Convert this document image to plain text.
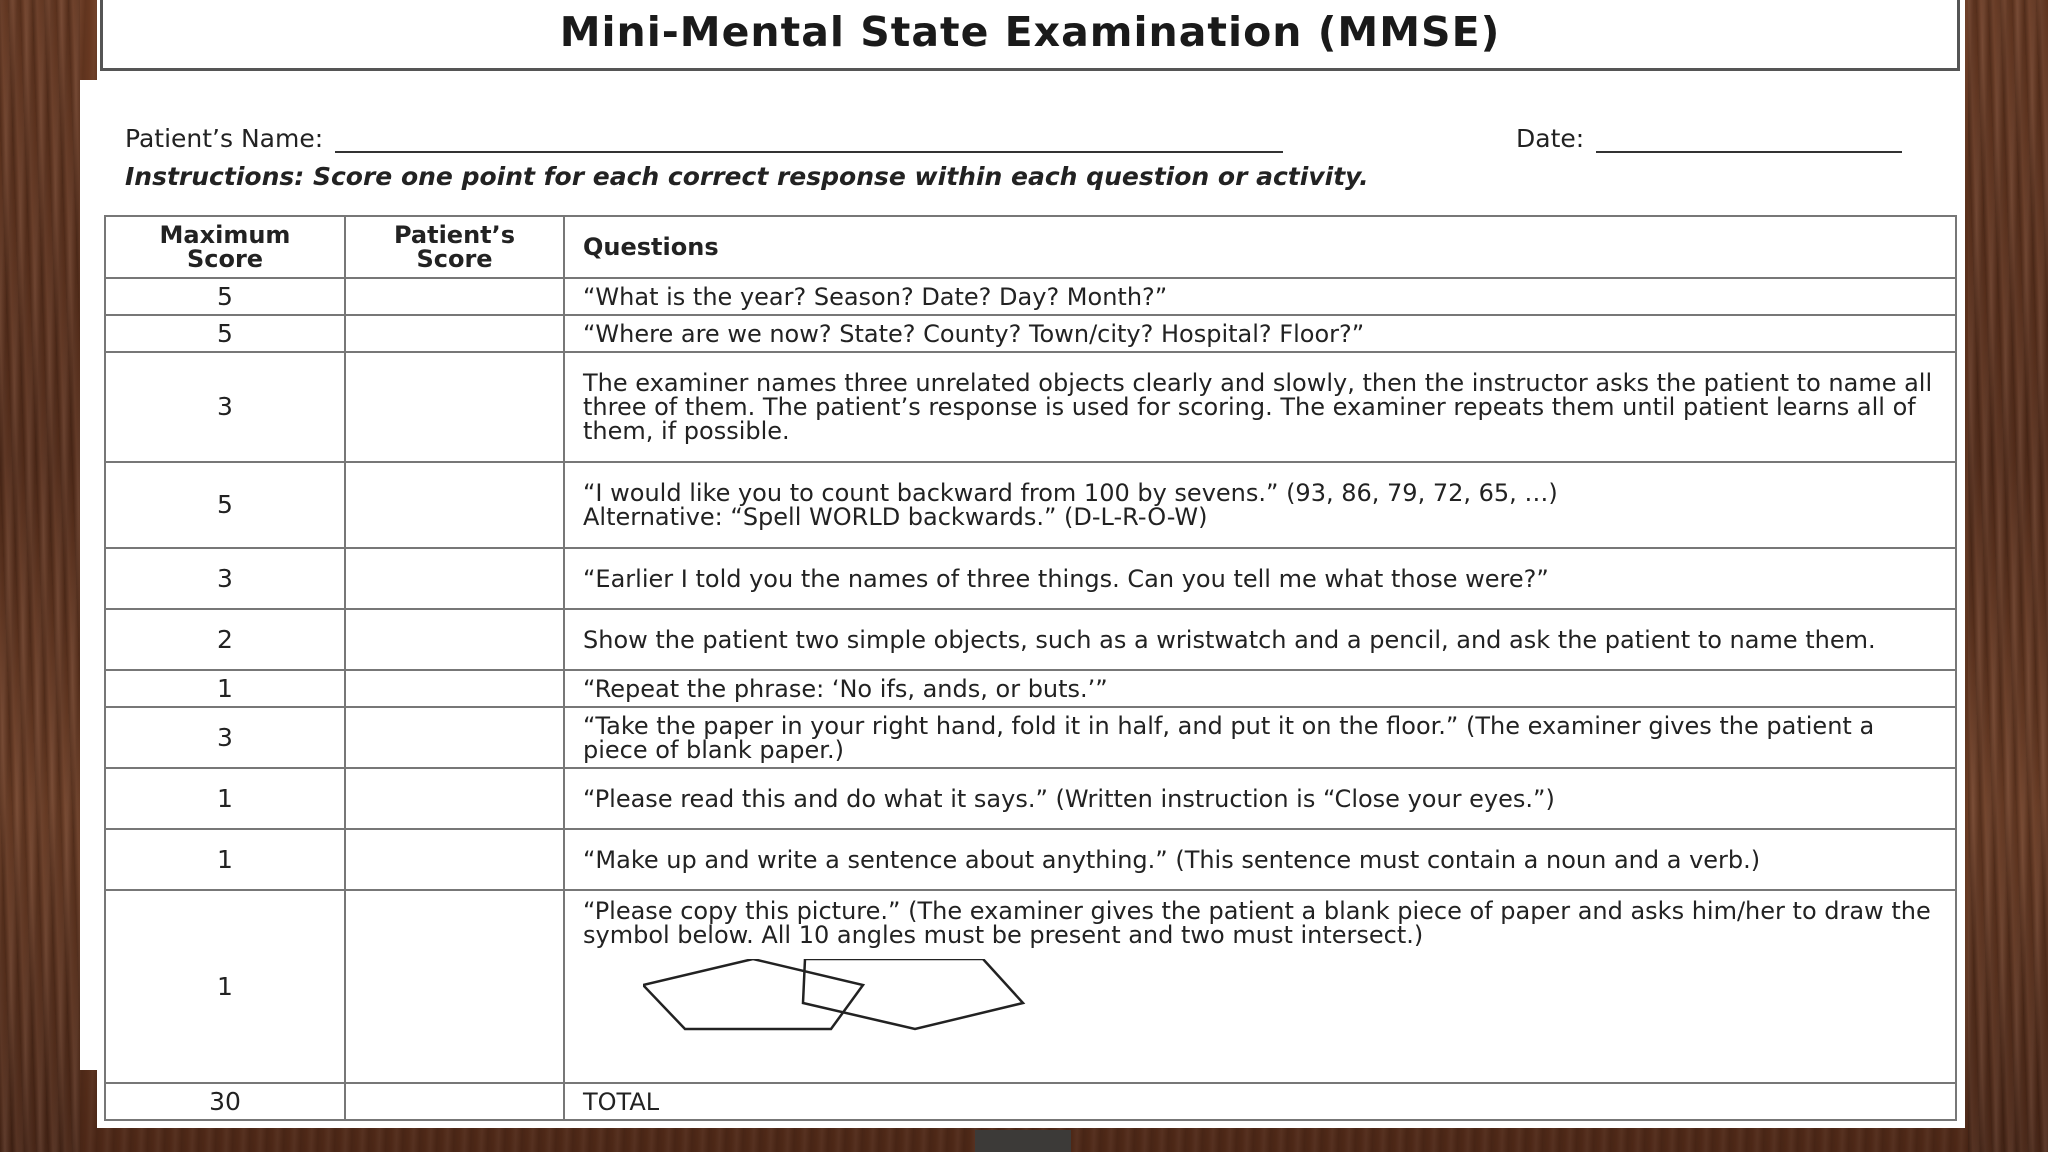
Mini-Mental State Examination (MMSE)
Patient’s Name:	Date:
Instructions: Score one point for each correct response within each question or activity.
Maximum Score	Patient’s Score	Questions
5		“What is the year? Season? Date? Day? Month?”
5		“Where are we now? State? County? Town/city? Hospital? Floor?”
3		The examiner names three unrelated objects clearly and slowly, then the instructor asks the patient to name all three of them. The patient’s response is used for scoring. The examiner repeats them until patient learns all of them, if possible.
5		“I would like you to count backward from 100 by sevens.” (93, 86, 79, 72, 65, …)
Alternative: “Spell WORLD backwards.” (D-L-R-O-W)
3		“Earlier I told you the names of three things. Can you tell me what those were?”
2		Show the patient two simple objects, such as a wristwatch and a pencil, and ask the patient to name them.
1		“Repeat the phrase: ‘No ifs, ands, or buts.’”
3		“Take the paper in your right hand, fold it in half, and put it on the floor.” (The examiner gives the patient a piece of blank paper.)
1		“Please read this and do what it says.” (Written instruction is “Close your eyes.”)
1		“Make up and write a sentence about anything.” (This sentence must contain a noun and a verb.)
1		“Please copy this picture.” (The examiner gives the patient a blank piece of paper and asks him/her to draw the symbol below. All 10 angles must be present and two must intersect.)

30		TOTAL
